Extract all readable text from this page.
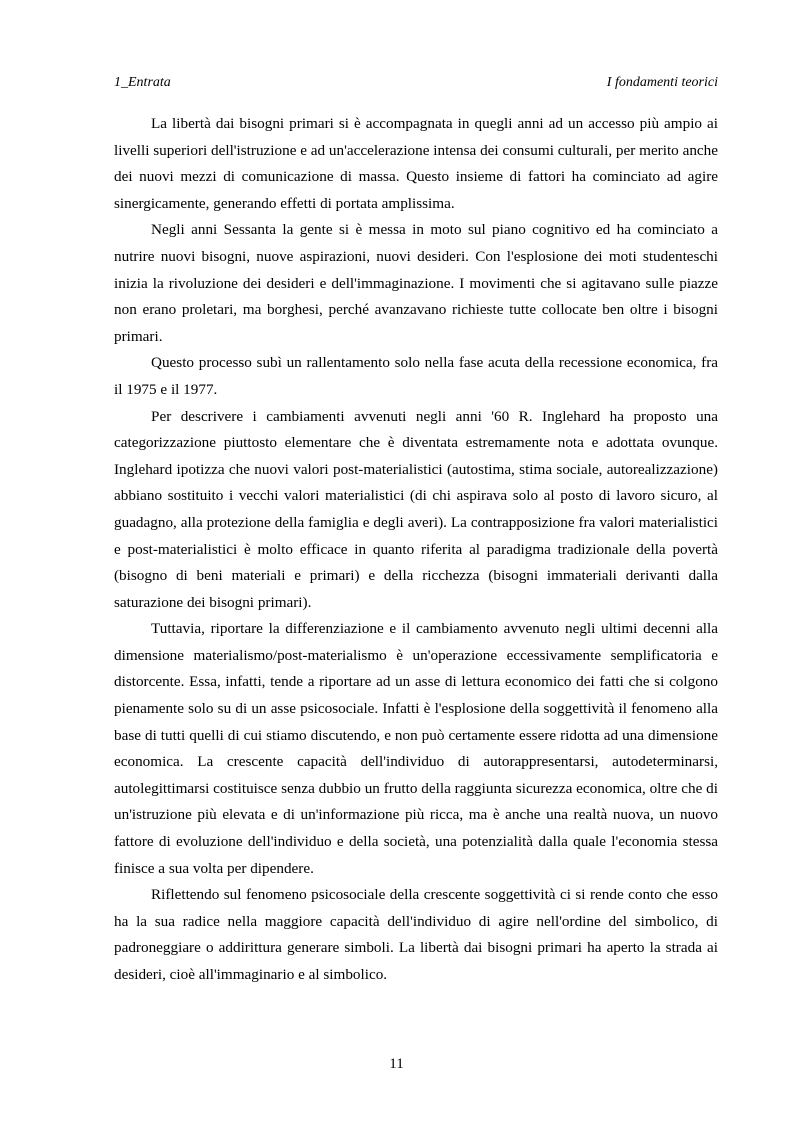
1_Entrata	I fondamenti teorici

La libertà dai bisogni primari si è accompagnata in quegli anni ad un accesso più ampio ai livelli superiori dell'istruzione e ad un'accelerazione intensa dei consumi culturali, per merito anche dei nuovi mezzi di comunicazione di massa. Questo insieme di fattori ha cominciato ad agire sinergicamente, generando effetti di portata amplissima.

Negli anni Sessanta la gente si è messa in moto sul piano cognitivo ed ha cominciato a nutrire nuovi bisogni, nuove aspirazioni, nuovi desideri. Con l'esplosione dei moti studenteschi inizia la rivoluzione dei desideri e dell'immaginazione. I movimenti che si agitavano sulle piazze non erano proletari, ma borghesi, perché avanzavano richieste tutte collocate ben oltre i bisogni primari.

Questo processo subì un rallentamento solo nella fase acuta della recessione economica, fra il 1975 e il 1977.

Per descrivere i cambiamenti avvenuti negli anni '60 R. Inglehard ha proposto una categorizzazione piuttosto elementare che è diventata estremamente nota e adottata ovunque. Inglehard ipotizza che nuovi valori post-materialistici (autostima, stima sociale, autorealizzazione) abbiano sostituito i vecchi valori materialistici (di chi aspirava solo al posto di lavoro sicuro, al guadagno, alla protezione della famiglia e degli averi). La contrapposizione fra valori materialistici e post-materialistici è molto efficace in quanto riferita al paradigma tradizionale della povertà (bisogno di beni materiali e primari) e della ricchezza (bisogni immateriali derivanti dalla saturazione dei bisogni primari).

Tuttavia, riportare la differenziazione e il cambiamento avvenuto negli ultimi decenni alla dimensione materialismo/post-materialismo è un'operazione eccessivamente semplificatoria e distorcente. Essa, infatti, tende a riportare ad un asse di lettura economico dei fatti che si colgono pienamente solo su di un asse psicosociale. Infatti è l'esplosione della soggettività il fenomeno alla base di tutti quelli di cui stiamo discutendo, e non può certamente essere ridotta ad una dimensione economica. La crescente capacità dell'individuo di autorappresentarsi, autodeterminarsi, autolegittimarsi costituisce senza dubbio un frutto della raggiunta sicurezza economica, oltre che di un'istruzione più elevata e di un'informazione più ricca, ma è anche una realtà nuova, un nuovo fattore di evoluzione dell'individuo e della società, una potenzialità dalla quale l'economia stessa finisce a sua volta per dipendere.

Riflettendo sul fenomeno psicosociale della crescente soggettività ci si rende conto che esso ha la sua radice nella maggiore capacità dell'individuo di agire nell'ordine del simbolico, di padroneggiare o addirittura generare simboli. La libertà dai bisogni primari ha aperto la strada ai desideri, cioè all'immaginario e al simbolico.

11
